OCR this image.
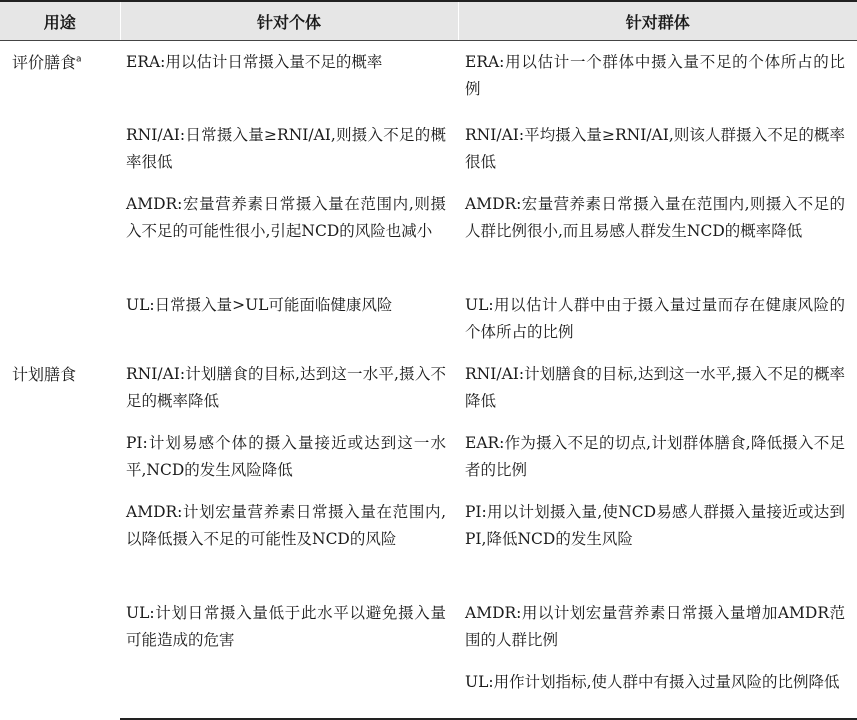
用途	针对个体	针对群体
评价膳食$^a$	ERA:用以估计日常摄入量不足的概率	ERA:用以估计一个群体中摄入量不足的个体所占的比例
	RNI/AI:日常摄入量≥RNI/AI,则摄入不足的概率很低	RNI/AI:平均摄入量≥RNI/AI,则该人群摄入不足的概率很低
	AMDR:宏量营养素日常摄入量在范围内,则摄入不足的可能性很小,引起NCD的风险也减小	AMDR:宏量营养素日常摄入量在范围内,则摄入不足的人群比例很小,而且易感人群发生NCD的概率降低
	UL:日常摄入量>UL可能面临健康风险	UL:用以估计人群中由于摄入量过量而存在健康风险的个体所占的比例
计划膳食	RNI/AI:计划膳食的目标,达到这一水平,摄入不足的概率降低	RNI/AI:计划膳食的目标,达到这一水平,摄入不足的概率降低
	PI:计划易感个体的摄入量接近或达到这一水平,NCD的发生风险降低	EAR:作为摄入不足的切点,计划群体膳食,降低摄入不足者的比例
	AMDR:计划宏量营养素日常摄入量在范围内,以降低摄入不足的可能性及NCD的风险	PI:用以计划摄入量,使NCD易感人群摄入量接近或达到PI,降低NCD的发生风险
	UL:计划日常摄入量低于此水平以避免摄入量可能造成的危害	AMDR:用以计划宏量营养素日常摄入量增加AMDR范围的人群比例
		UL:用作计划指标,使人群中有摄入过量风险的比例降低
